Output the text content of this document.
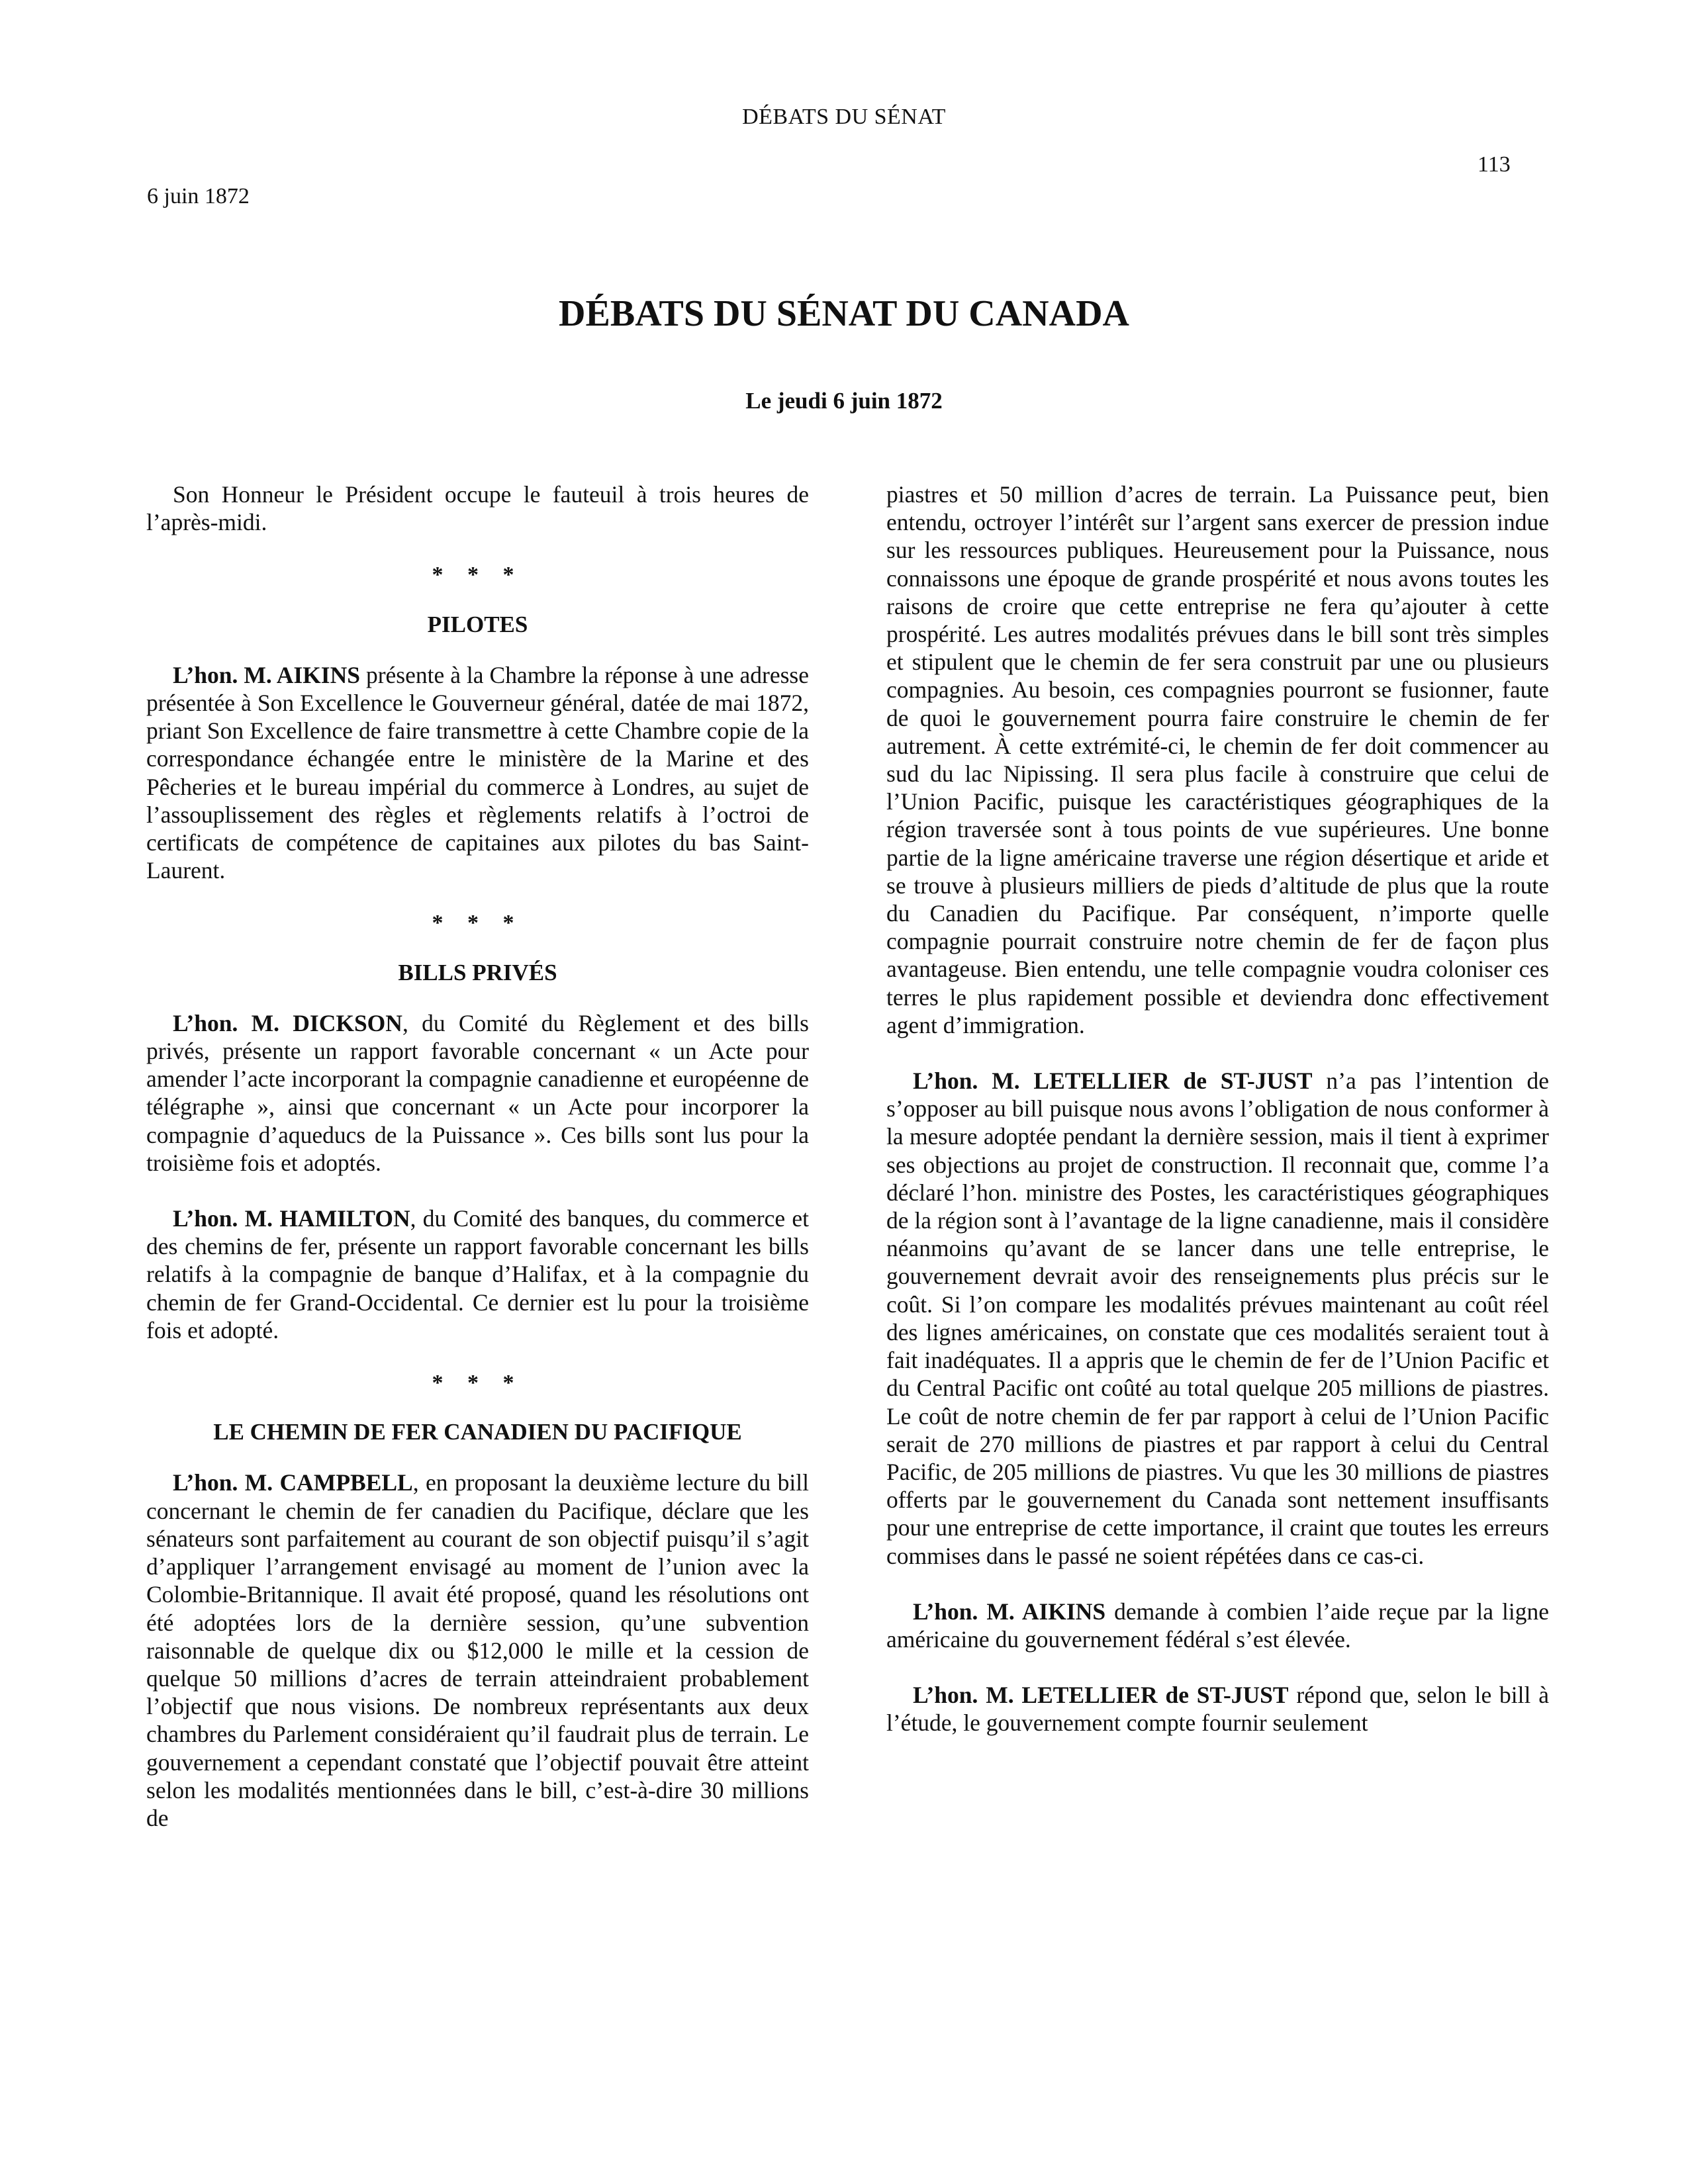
DÉBATS DU SÉNAT
113
6 juin 1872
DÉBATS DU SÉNAT DU CANADA
Le jeudi 6 juin 1872

Son Honneur le Président occupe le fauteuil à trois heures de l’après-midi.

* * *
PILOTES

L’hon. M. AIKINS présente à la Chambre la réponse à une adresse présentée à Son Excellence le Gouverneur général, datée de mai 1872, priant Son Excellence de faire transmettre à cette Chambre copie de la correspondance échangée entre le ministère de la Marine et des Pêcheries et le bureau impérial du commerce à Londres, au sujet de l’assouplissement des règles et règlements relatifs à l’octroi de certificats de compétence de capitaines aux pilotes du bas Saint-Laurent.

* * *
BILLS PRIVÉS

L’hon. M. DICKSON, du Comité du Règlement et des bills privés, présente un rapport favorable concernant « un Acte pour amender l’acte incorporant la compagnie canadienne et européenne de télégraphe », ainsi que concernant « un Acte pour incorporer la compagnie d’aqueducs de la Puissance ». Ces bills sont lus pour la troisième fois et adoptés.

L’hon. M. HAMILTON, du Comité des banques, du commerce et des chemins de fer, présente un rapport favorable concernant les bills relatifs à la compagnie de banque d’Halifax, et à la compagnie du chemin de fer Grand-Occidental. Ce dernier est lu pour la troisième fois et adopté.

* * *
LE CHEMIN DE FER CANADIEN DU PACIFIQUE

L’hon. M. CAMPBELL, en proposant la deuxième lecture du bill concernant le chemin de fer canadien du Pacifique, déclare que les sénateurs sont parfaitement au courant de son objectif puisqu’il s’agit d’appliquer l’arrangement envisagé au moment de l’union avec la Colombie-Britannique. Il avait été proposé, quand les résolutions ont été adoptées lors de la dernière session, qu’une subvention raisonnable de quelque dix ou $12,000 le mille et la cession de quelque 50 millions d’acres de terrain atteindraient probablement l’objectif que nous visions. De nombreux représentants aux deux chambres du Parlement considéraient qu’il faudrait plus de terrain. Le gouvernement a cependant constaté que l’objectif pouvait être atteint selon les modalités mentionnées dans le bill, c’est-à-dire 30 millions de

piastres et 50 million d’acres de terrain. La Puissance peut, bien entendu, octroyer l’intérêt sur l’argent sans exercer de pression indue sur les ressources publiques. Heureusement pour la Puissance, nous connaissons une époque de grande prospérité et nous avons toutes les raisons de croire que cette entreprise ne fera qu’ajouter à cette prospérité. Les autres modalités prévues dans le bill sont très simples et stipulent que le chemin de fer sera construit par une ou plusieurs compagnies. Au besoin, ces compagnies pourront se fusionner, faute de quoi le gouvernement pourra faire construire le chemin de fer autrement. À cette extrémité-ci, le chemin de fer doit commencer au sud du lac Nipissing. Il sera plus facile à construire que celui de l’Union Pacific, puisque les caractéristiques géographiques de la région traversée sont à tous points de vue supérieures. Une bonne partie de la ligne américaine traverse une région désertique et aride et se trouve à plusieurs milliers de pieds d’altitude de plus que la route du Canadien du Pacifique. Par conséquent, n’importe quelle compagnie pourrait construire notre chemin de fer de façon plus avantageuse. Bien entendu, une telle compagnie voudra coloniser ces terres le plus rapidement possible et deviendra donc effectivement agent d’immigration.

L’hon. M. LETELLIER de ST-JUST n’a pas l’intention de s’opposer au bill puisque nous avons l’obligation de nous conformer à la mesure adoptée pendant la dernière session, mais il tient à exprimer ses objections au projet de construction. Il reconnait que, comme l’a déclaré l’hon. ministre des Postes, les caractéristiques géographiques de la région sont à l’avantage de la ligne canadienne, mais il considère néanmoins qu’avant de se lancer dans une telle entreprise, le gouvernement devrait avoir des renseignements plus précis sur le coût. Si l’on compare les modalités prévues maintenant au coût réel des lignes américaines, on constate que ces modalités seraient tout à fait inadéquates. Il a appris que le chemin de fer de l’Union Pacific et du Central Pacific ont coûté au total quelque 205 millions de piastres. Le coût de notre chemin de fer par rapport à celui de l’Union Pacific serait de 270 millions de piastres et par rapport à celui du Central Pacific, de 205 millions de piastres. Vu que les 30 millions de piastres offerts par le gouvernement du Canada sont nettement insuffisants pour une entreprise de cette importance, il craint que toutes les erreurs commises dans le passé ne soient répétées dans ce cas-ci.

L’hon. M. AIKINS demande à combien l’aide reçue par la ligne américaine du gouvernement fédéral s’est élevée.

L’hon. M. LETELLIER de ST-JUST répond que, selon le bill à l’étude, le gouvernement compte fournir seulement
